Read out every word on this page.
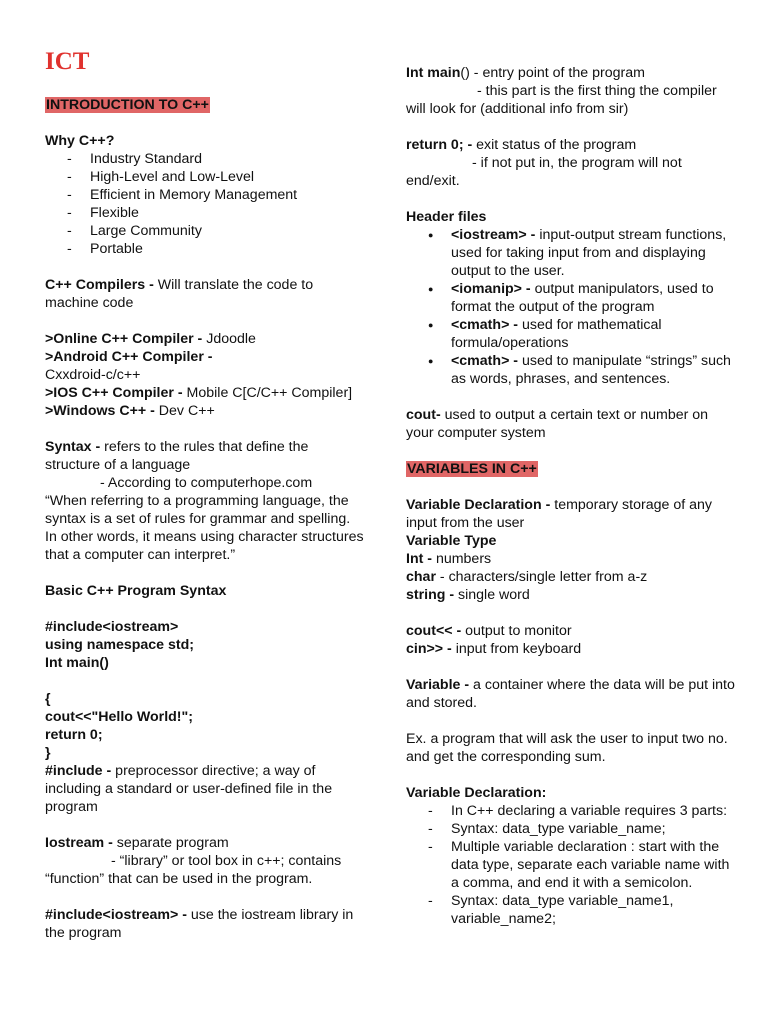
ICT

INTRODUCTION TO C++

Why C++?

- Industry Standard
- High-Level and Low-Level
- Efficient in Memory Management
- Flexible
- Large Community
- Portable

C++ Compilers - Will translate the code to machine code

>Online C++ Compiler - Jdoodle

>Android C++ Compiler -
Cxxdroid-c/c++

>IOS C++ Compiler - Mobile C[C/C++ Compiler]

>Windows C++ - Dev C++

Syntax - refers to the rules that define the structure of a language

- According to computerhope.com

“When referring to a programming language, the syntax is a set of rules for grammar and spelling. In other words, it means using character structures that a computer can interpret.”

Basic C++ Program Syntax

#include<iostream>

using namespace std;

Int main()

{

cout<<"Hello World!";

return 0;

}

#include - preprocessor directive; a way of including a standard or user-defined file in the program

Iostream - separate program

- “library” or tool box in c++; contains “function” that can be used in the program.

#include<iostream> - use the iostream library in the program

Int main() - entry point of the program

- this part is the first thing the compiler will look for (additional info from sir)

return 0; - exit status of the program

- if not put in, the program will not end/exit.

Header files

● <iostream> - input-output stream functions, used for taking input from and displaying output to the user.
● <iomanip> - output manipulators, used to format the output of the program
● <cmath> - used for mathematical formula/operations
● <cmath> - used to manipulate “strings” such as words, phrases, and sentences.

cout- used to output a certain text or number on your computer system

VARIABLES IN C++

Variable Declaration - temporary storage of any input from the user

Variable Type

Int - numbers

char - characters/single letter from a-z

string - single word

cout<< - output to monitor

cin>> - input from keyboard

Variable - a container where the data will be put into and stored.

Ex. a program that will ask the user to input two no. and get the corresponding sum.

Variable Declaration:

- In C++ declaring a variable requires 3 parts:
- Syntax: data_type variable_name;
- Multiple variable declaration : start with the data type, separate each variable name with a comma, and end it with a semicolon.
- Syntax: data_type variable_name1, variable_name2;
